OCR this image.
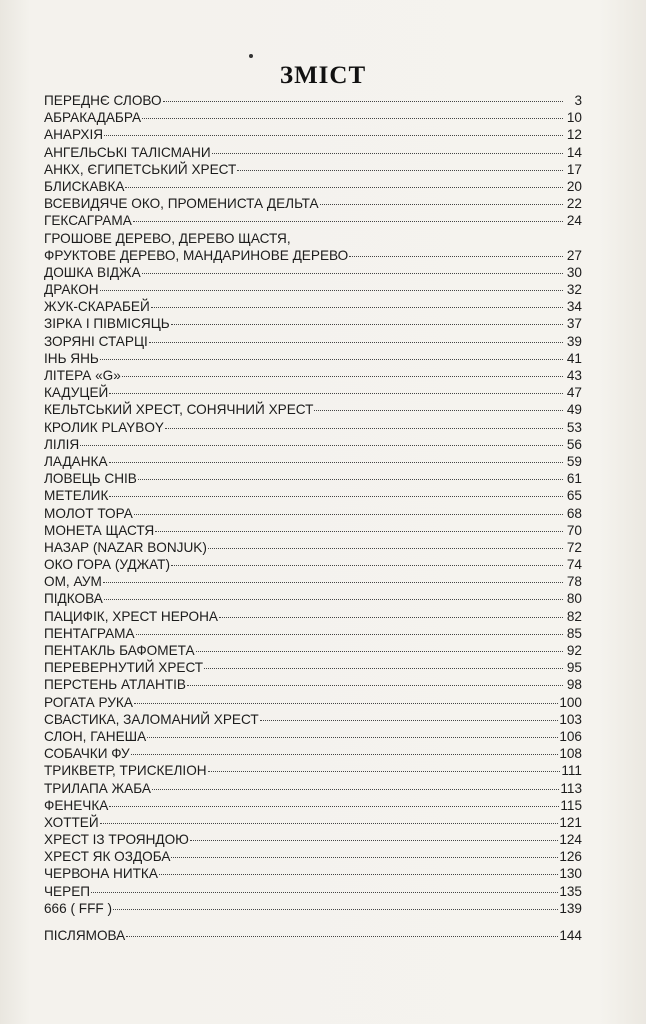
ЗМІСТ
ПЕРЕДНЄ СЛОВО	3
АБРАКАДАБРА	10
АНАРХІЯ	12
АНГЕЛЬСЬКІ ТАЛІСМАНИ	14
АНКХ, ЄГИПЕТСЬКИЙ ХРЕСТ	17
БЛИСКАВКА	20
ВСЕВИДЯЧЕ ОКО, ПРОМЕНИСТА ДЕЛЬТА	22
ГЕКСАГРАМА	24
ГРОШОВЕ ДЕРЕВО, ДЕРЕВО ЩАСТЯ,
ФРУКТОВЕ ДЕРЕВО, МАНДАРИНОВЕ ДЕРЕВО	27
ДОШКА ВІДЖА	30
ДРАКОН	32
ЖУК-СКАРАБЕЙ	34
ЗІРКА І ПІВМІСЯЦЬ	37
ЗОРЯНІ СТАРЦІ	39
ІНЬ ЯНЬ	41
ЛІТЕРА «G»	43
КАДУЦЕЙ	47
КЕЛЬТСЬКИЙ ХРЕСТ, СОНЯЧНИЙ ХРЕСТ	49
КРОЛИК PLAYBOY	53
ЛІЛІЯ	56
ЛАДАНКА	59
ЛОВЕЦЬ СНІВ	61
МЕТЕЛИК	65
МОЛОТ ТОРА	68
МОНЕТА ЩАСТЯ	70
НАЗАР (NAZAR BONJUK)	72
ОКО ГОРА (УДЖАТ)	74
ОМ, АУМ	78
ПІДКОВА	80
ПАЦИФІК, ХРЕСТ НЕРОНА	82
ПЕНТАГРАМА	85
ПЕНТАКЛЬ БАФОМЕТА	92
ПЕРЕВЕРНУТИЙ ХРЕСТ	95
ПЕРСТЕНЬ АТЛАНТІВ	98
РОГАТА РУКА	100
СВАСТИКА, ЗАЛОМАНИЙ ХРЕСТ	103
СЛОН, ГАНЕША	106
СОБАЧКИ ФУ	108
ТРИКВЕТР, ТРИСКЕЛІОН	111
ТРИЛАПА ЖАБА	113
ФЕНЕЧКА	115
ХОТТЕЙ	121
ХРЕСТ ІЗ ТРОЯНДОЮ	124
ХРЕСТ ЯК ОЗДОБА	126
ЧЕРВОНА НИТКА	130
ЧЕРЕП	135
666 ( FFF )	139
ПІСЛЯМОВА	144
